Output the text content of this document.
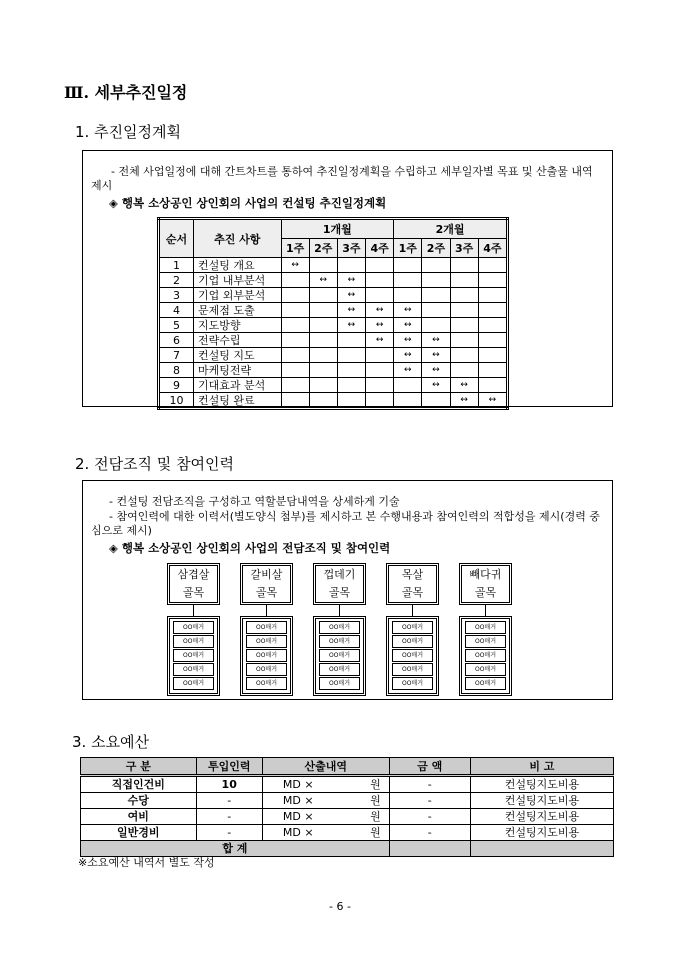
Ⅲ. 세부추진일정
1. 추진일정계획
- 전체 사업일정에 대해 간트차트를 통하여 추진일정계획을 수립하고 세부일자별 목표 및 산출물 내역 제시
◈ 행복 소상공인 상인회의 사업의 컨설팅 추진일정계획
순서	추진 사항	1개월				2개월			
		1주	2주	3주	4주	1주	2주	3주	4주
1	컨설팅 개요	↔							
2	기업 내부분석		↔	↔					
3	기업 외부분석			↔					
4	문제점 도출			↔	↔	↔			
5	지도방향			↔	↔	↔			
6	전략수립				↔	↔	↔		
7	컨설팅 지도					↔	↔		
8	마케팅전략					↔	↔		
9	기대효과 분석						↔	↔	
10	컨설팅 완료							↔	↔
2. 전담조직 및 참여인력
- 컨설팅 전담조직을 구성하고 역할분담내역을 상세하게 기술
- 참여인력에 대한 이력서(별도양식 첨부)를 제시하고 본 수행내용과 참여인력의 적합성을 제시(경력 중심으로 제시)
◈ 행복 소상공인 상인회의 사업의 전담조직 및 참여인력
삼겹살
골목
OO매거
OO매거
OO매거
OO매거
OO매거
갈비살
골목
OO매거
OO매거
OO매거
OO매거
OO매거
껍데기
골목
OO매거
OO매거
OO매거
OO매거
OO매거
목살
골목
OO매거
OO매거
OO매거
OO매거
OO매거
빼다귀
골목
OO매거
OO매거
OO매거
OO매거
OO매거
3. 소요예산
구 분	투입인력	산출내역	금 액	비 고
직접인건비	10	MD × 원	-	컨설팅지도비용
수당	-	MD × 원	-	컨설팅지도비용
여비	-	MD × 원	-	컨설팅지도비용
일반경비	-	MD × 원	-	컨설팅지도비용
합 계				
※소요예산 내역서 별도 작성
- 6 -
